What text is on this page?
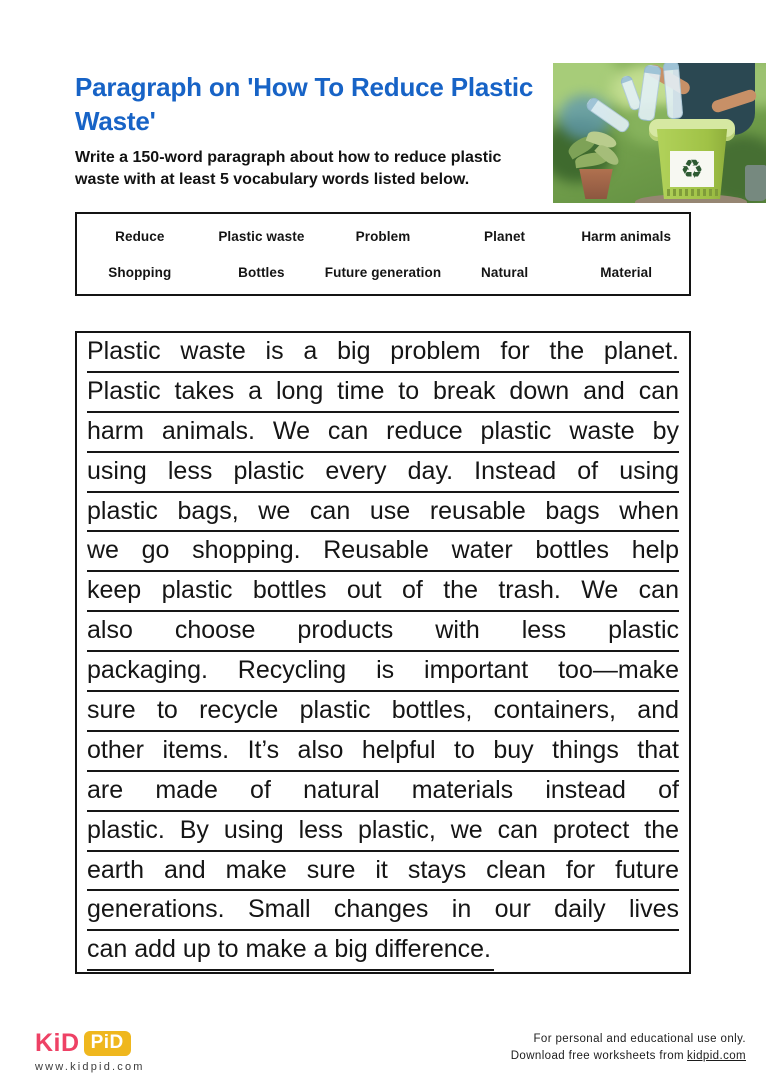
Paragraph on 'How To Reduce Plastic
Waste'
Write a 150-word paragraph about how to reduce plastic
waste with at least 5 vocabulary words listed below.	♻
Reduce	Plastic waste	Problem	Planet	Harm animals
Shopping	Bottles	Future generation	Natural	Material
Plastic waste is a big problem for the planet.
Plastic takes a long time to break down and can
harm animals. We can reduce plastic waste by
using less plastic every day. Instead of using
plastic bags, we can use reusable bags when
we go shopping. Reusable water bottles help
keep plastic bottles out of the trash. We can
also choose products with less plastic
packaging. Recycling is important too—make
sure to recycle plastic bottles, containers, and
other items. It’s also helpful to buy things that
are made of natural materials instead of
plastic. By using less plastic, we can protect the
earth and make sure it stays clean for future
generations. Small changes in our daily lives
can add up to make a big difference.
KiD PiD
www.kidpid.com
For personal and educational use only.
Download free worksheets from kidpid.com
